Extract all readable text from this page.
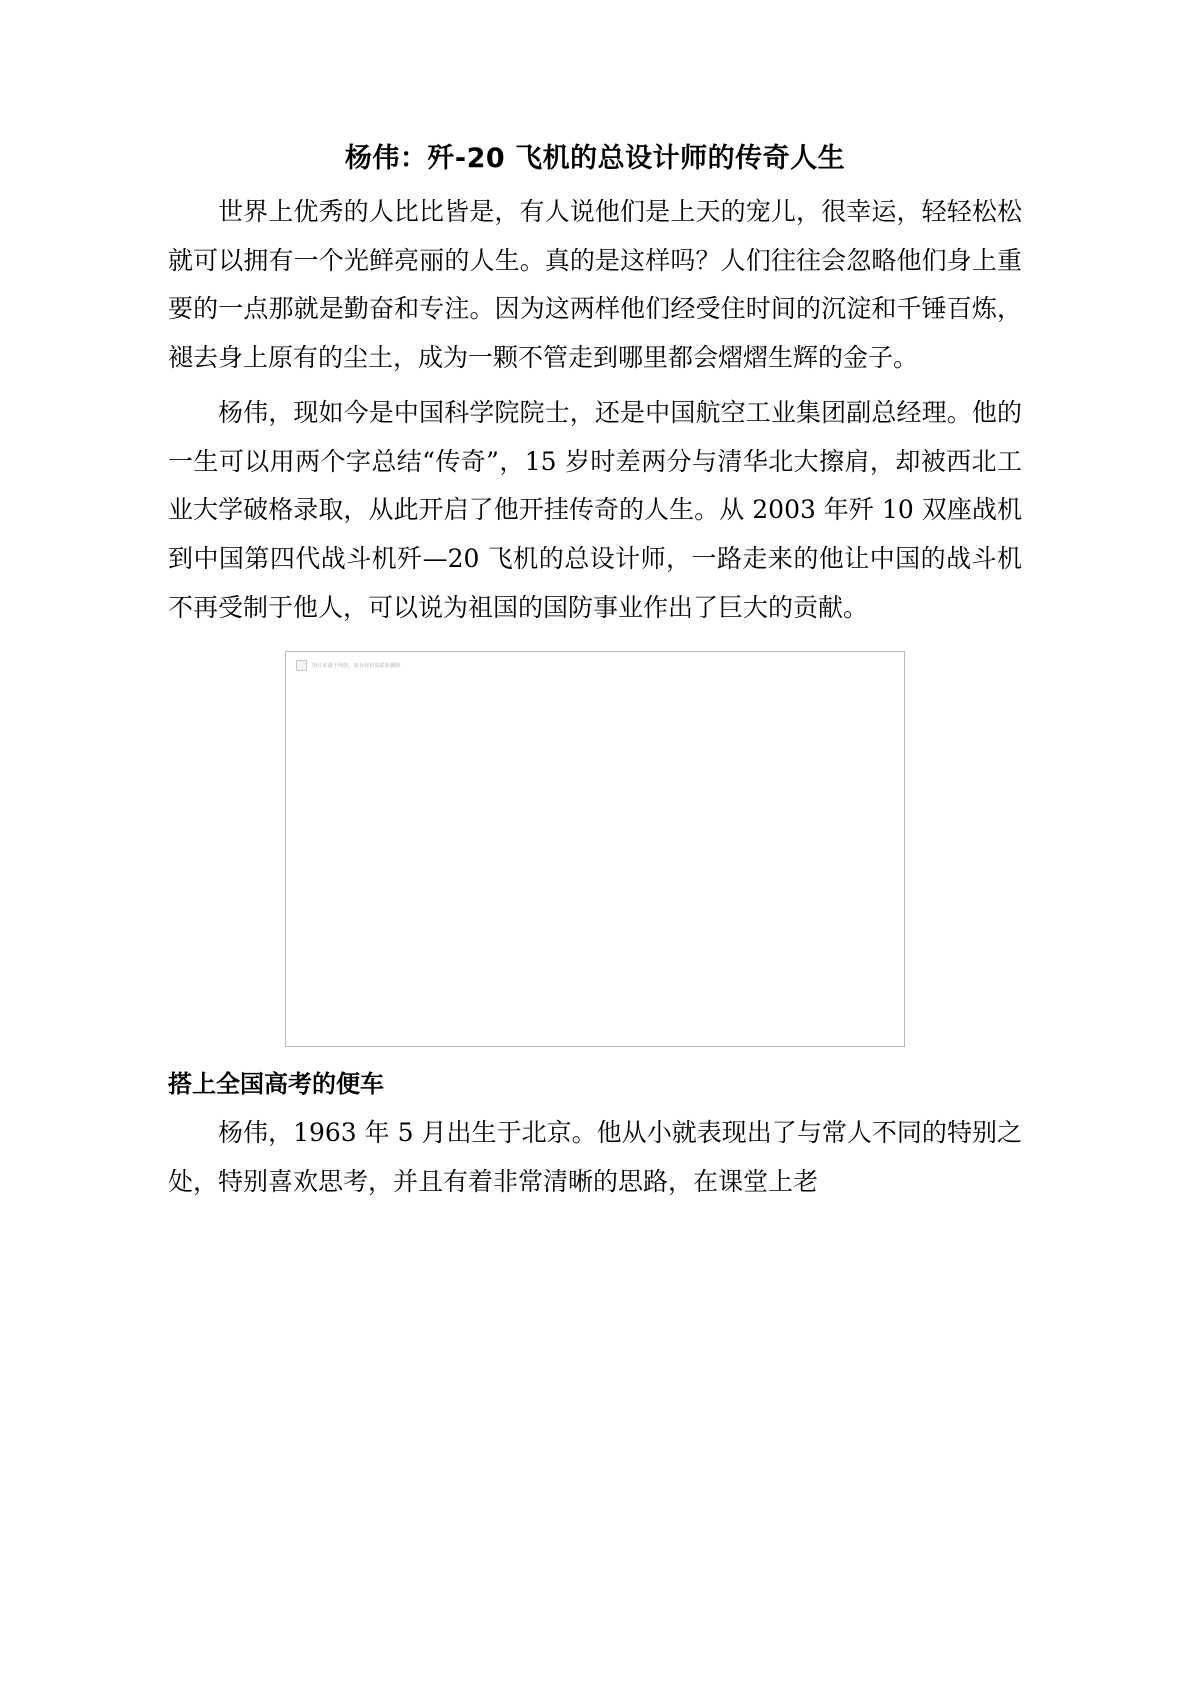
杨伟：歼-20 飞机的总设计师的传奇人生

世界上优秀的人比比皆是，有人说他们是上天的宠儿，很幸运，轻轻松松就可以拥有一个光鲜亮丽的人生。真的是这样吗？人们往往会忽略他们身上重要的一点那就是勤奋和专注。因为这两样他们经受住时间的沉淀和千锤百炼，褪去身上原有的尘土，成为一颗不管走到哪里都会熠熠生辉的金子。

杨伟，现如今是中国科学院院士，还是中国航空工业集团副总经理。他的一生可以用两个字总结“传奇”，15 岁时差两分与清华北大擦肩，却被西北工业大学破格录取，从此开启了他开挂传奇的人生。从 2003 年歼 10 双座战机到中国第四代战斗机歼—20 飞机的总设计师，一路走来的他让中国的战斗机不再受制于他人，可以说为祖国的国防事业作出了巨大的贡献。

图片来源于网络，如有侵权请联系删除
搭上全国高考的便车

杨伟，1963 年 5 月出生于北京。他从小就表现出了与常人不同的特别之处，特别喜欢思考，并且有着非常清晰的思路，在课堂上老
